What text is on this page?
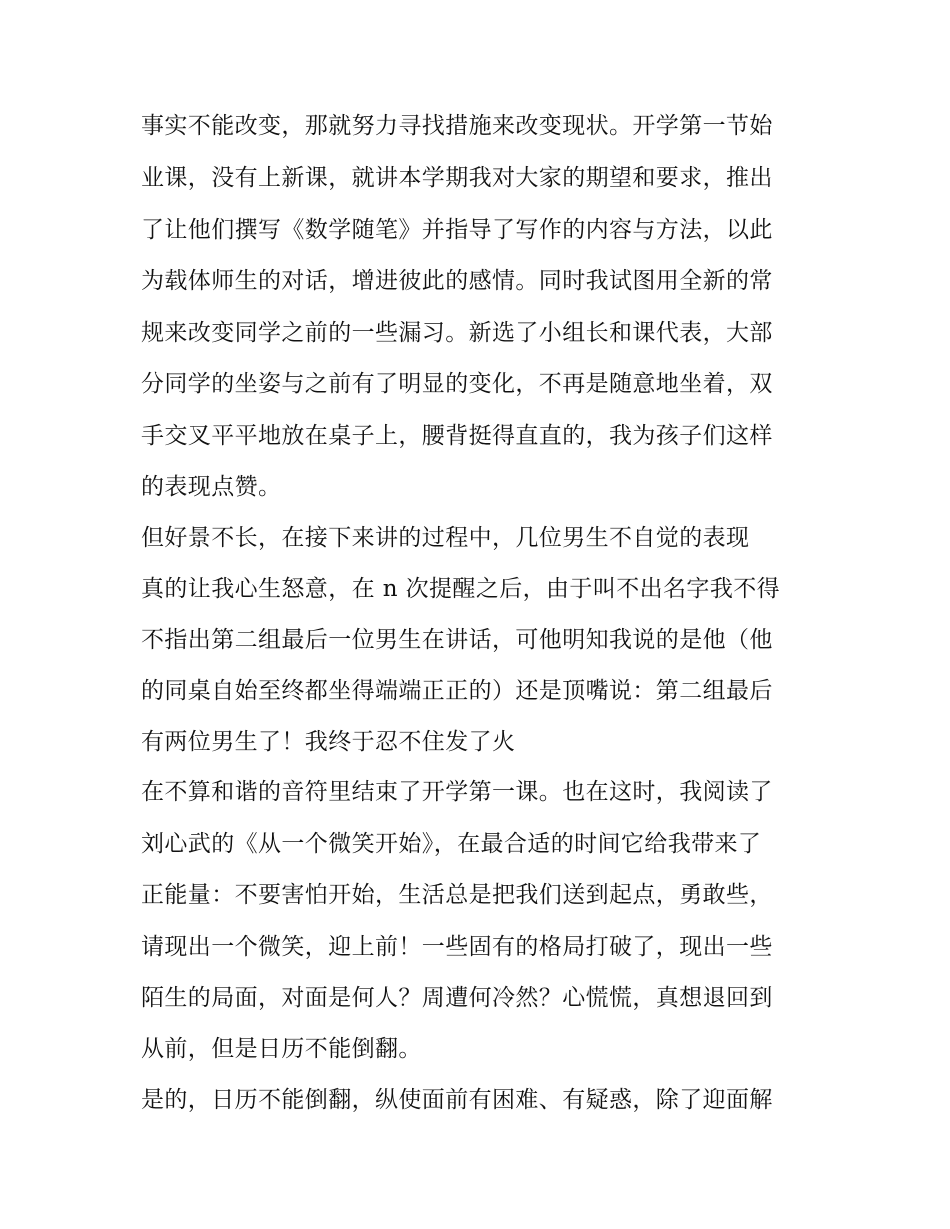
事实不能改变，那就努力寻找措施来改变现状。开学第一节始
业课，没有上新课，就讲本学期我对大家的期望和要求，推出
了让他们撰写《数学随笔》并指导了写作的内容与方法，以此
为载体师生的对话，增进彼此的感情。同时我试图用全新的常
规来改变同学之前的一些漏习。新选了小组长和课代表，大部
分同学的坐姿与之前有了明显的变化，不再是随意地坐着，双
手交叉平平地放在桌子上，腰背挺得直直的，我为孩子们这样
的表现点赞。
但好景不长，在接下来讲的过程中，几位男生不自觉的表现
真的让我心生怒意，在 n 次提醒之后，由于叫不出名字我不得
不指出第二组最后一位男生在讲话，可他明知我说的是他（他
的同桌自始至终都坐得端端正正的）还是顶嘴说：第二组最后
有两位男生了！我终于忍不住发了火
在不算和谐的音符里结束了开学第一课。也在这时，我阅读了
刘心武的《从一个微笑开始》，在最合适的时间它给我带来了
正能量：不要害怕开始，生活总是把我们送到起点，勇敢些，
请现出一个微笑，迎上前！一些固有的格局打破了，现出一些
陌生的局面，对面是何人？周遭何冷然？心慌慌，真想退回到
从前，但是日历不能倒翻。
是的，日历不能倒翻，纵使面前有困难、有疑惑，除了迎面解
